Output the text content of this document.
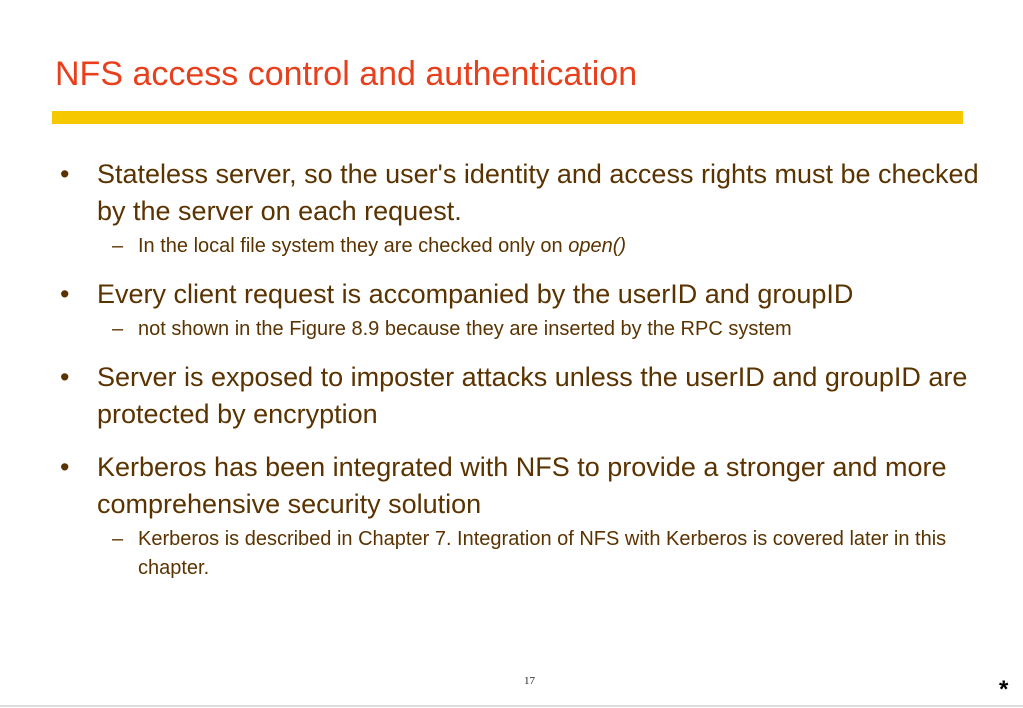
NFS access control and authentication
•	Stateless server, so the user's identity and access rights must be checked by the server on each request.
– In the local file system they are checked only on open()
•	Every client request is accompanied by the userID and groupID
– not shown in the Figure 8.9 because they are inserted by the RPC system
•	Server is exposed to imposter attacks unless the userID and groupID are protected by encryption
•	Kerberos has been integrated with NFS to provide a stronger and more comprehensive security solution
– Kerberos is described in Chapter 7. Integration of NFS with Kerberos is covered later in this chapter.
17	*
